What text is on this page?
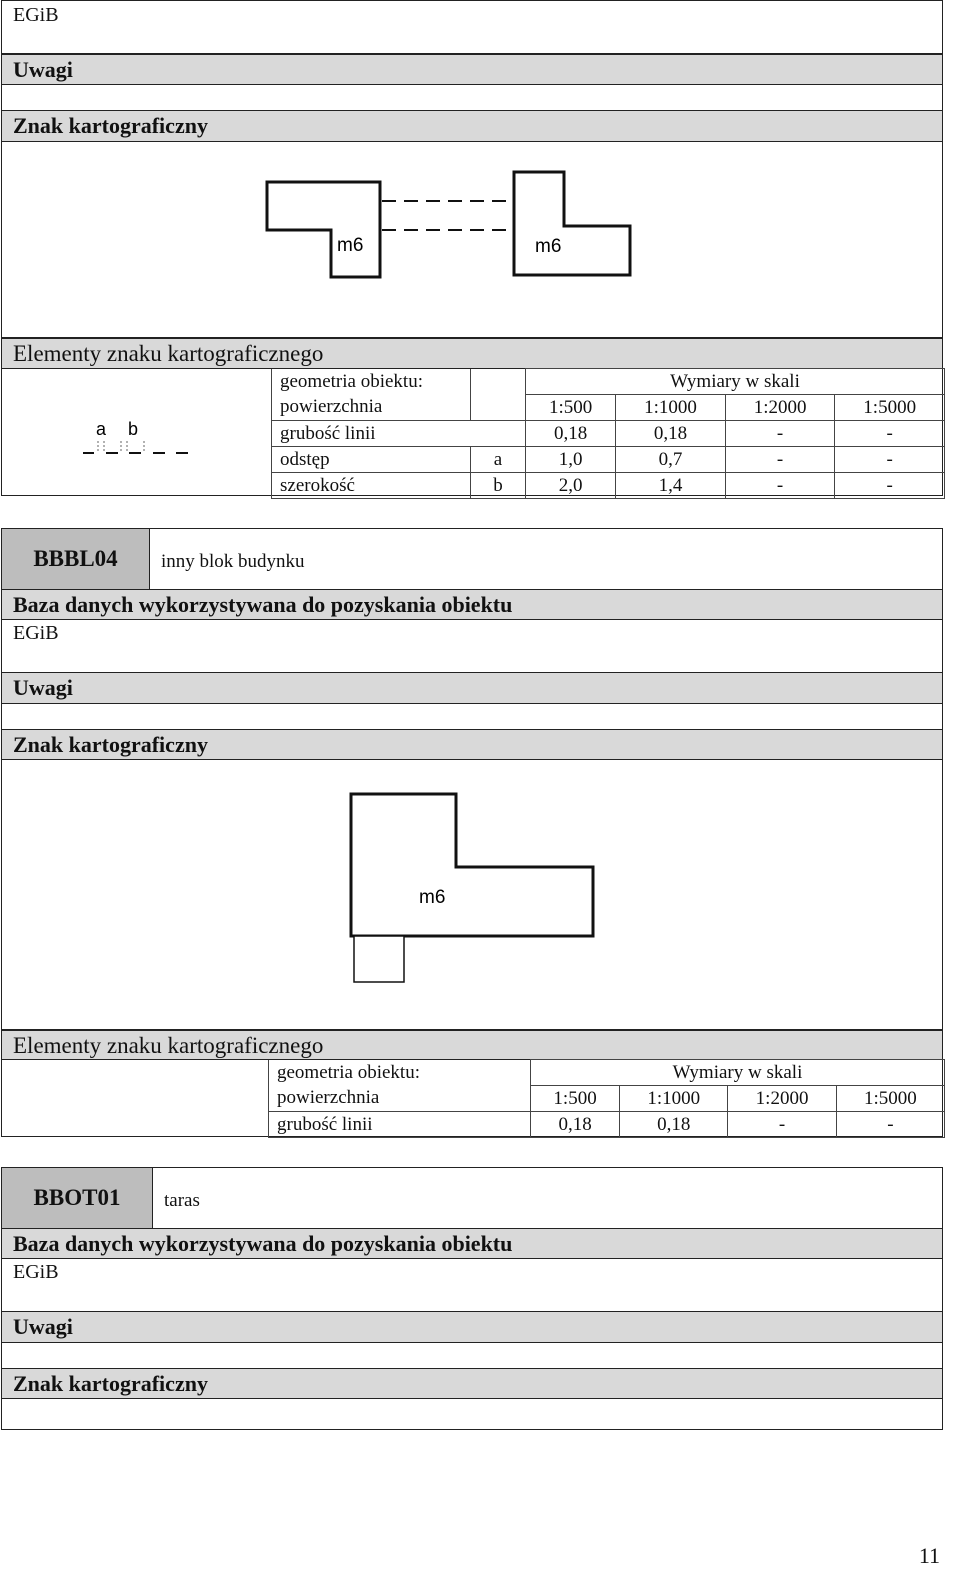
EGiB
Uwagi
Znak kartograficzny
m6	m6
Elementy znaku kartograficznego
a b
geometria obiektu:		Wymiary w skali			
powierzchnia		1:500	1:1000	1:2000	1:5000
grubość linii		0,18	0,18	-	-
odstęp	a	1,0	0,7	-	-
szerokość	b	2,0	1,4	-	-
BBBL04	inny blok budynku
Baza danych wykorzystywana do pozyskania obiektu
EGiB
Uwagi
Znak kartograficzny
m6
Elementy znaku kartograficznego
geometria obiektu:	Wymiary w skali			
powierzchnia	1:500	1:1000	1:2000	1:5000
grubość linii	0,18	0,18	-	-
BBOT01	taras
Baza danych wykorzystywana do pozyskania obiektu
EGiB
Uwagi
Znak kartograficzny
11
